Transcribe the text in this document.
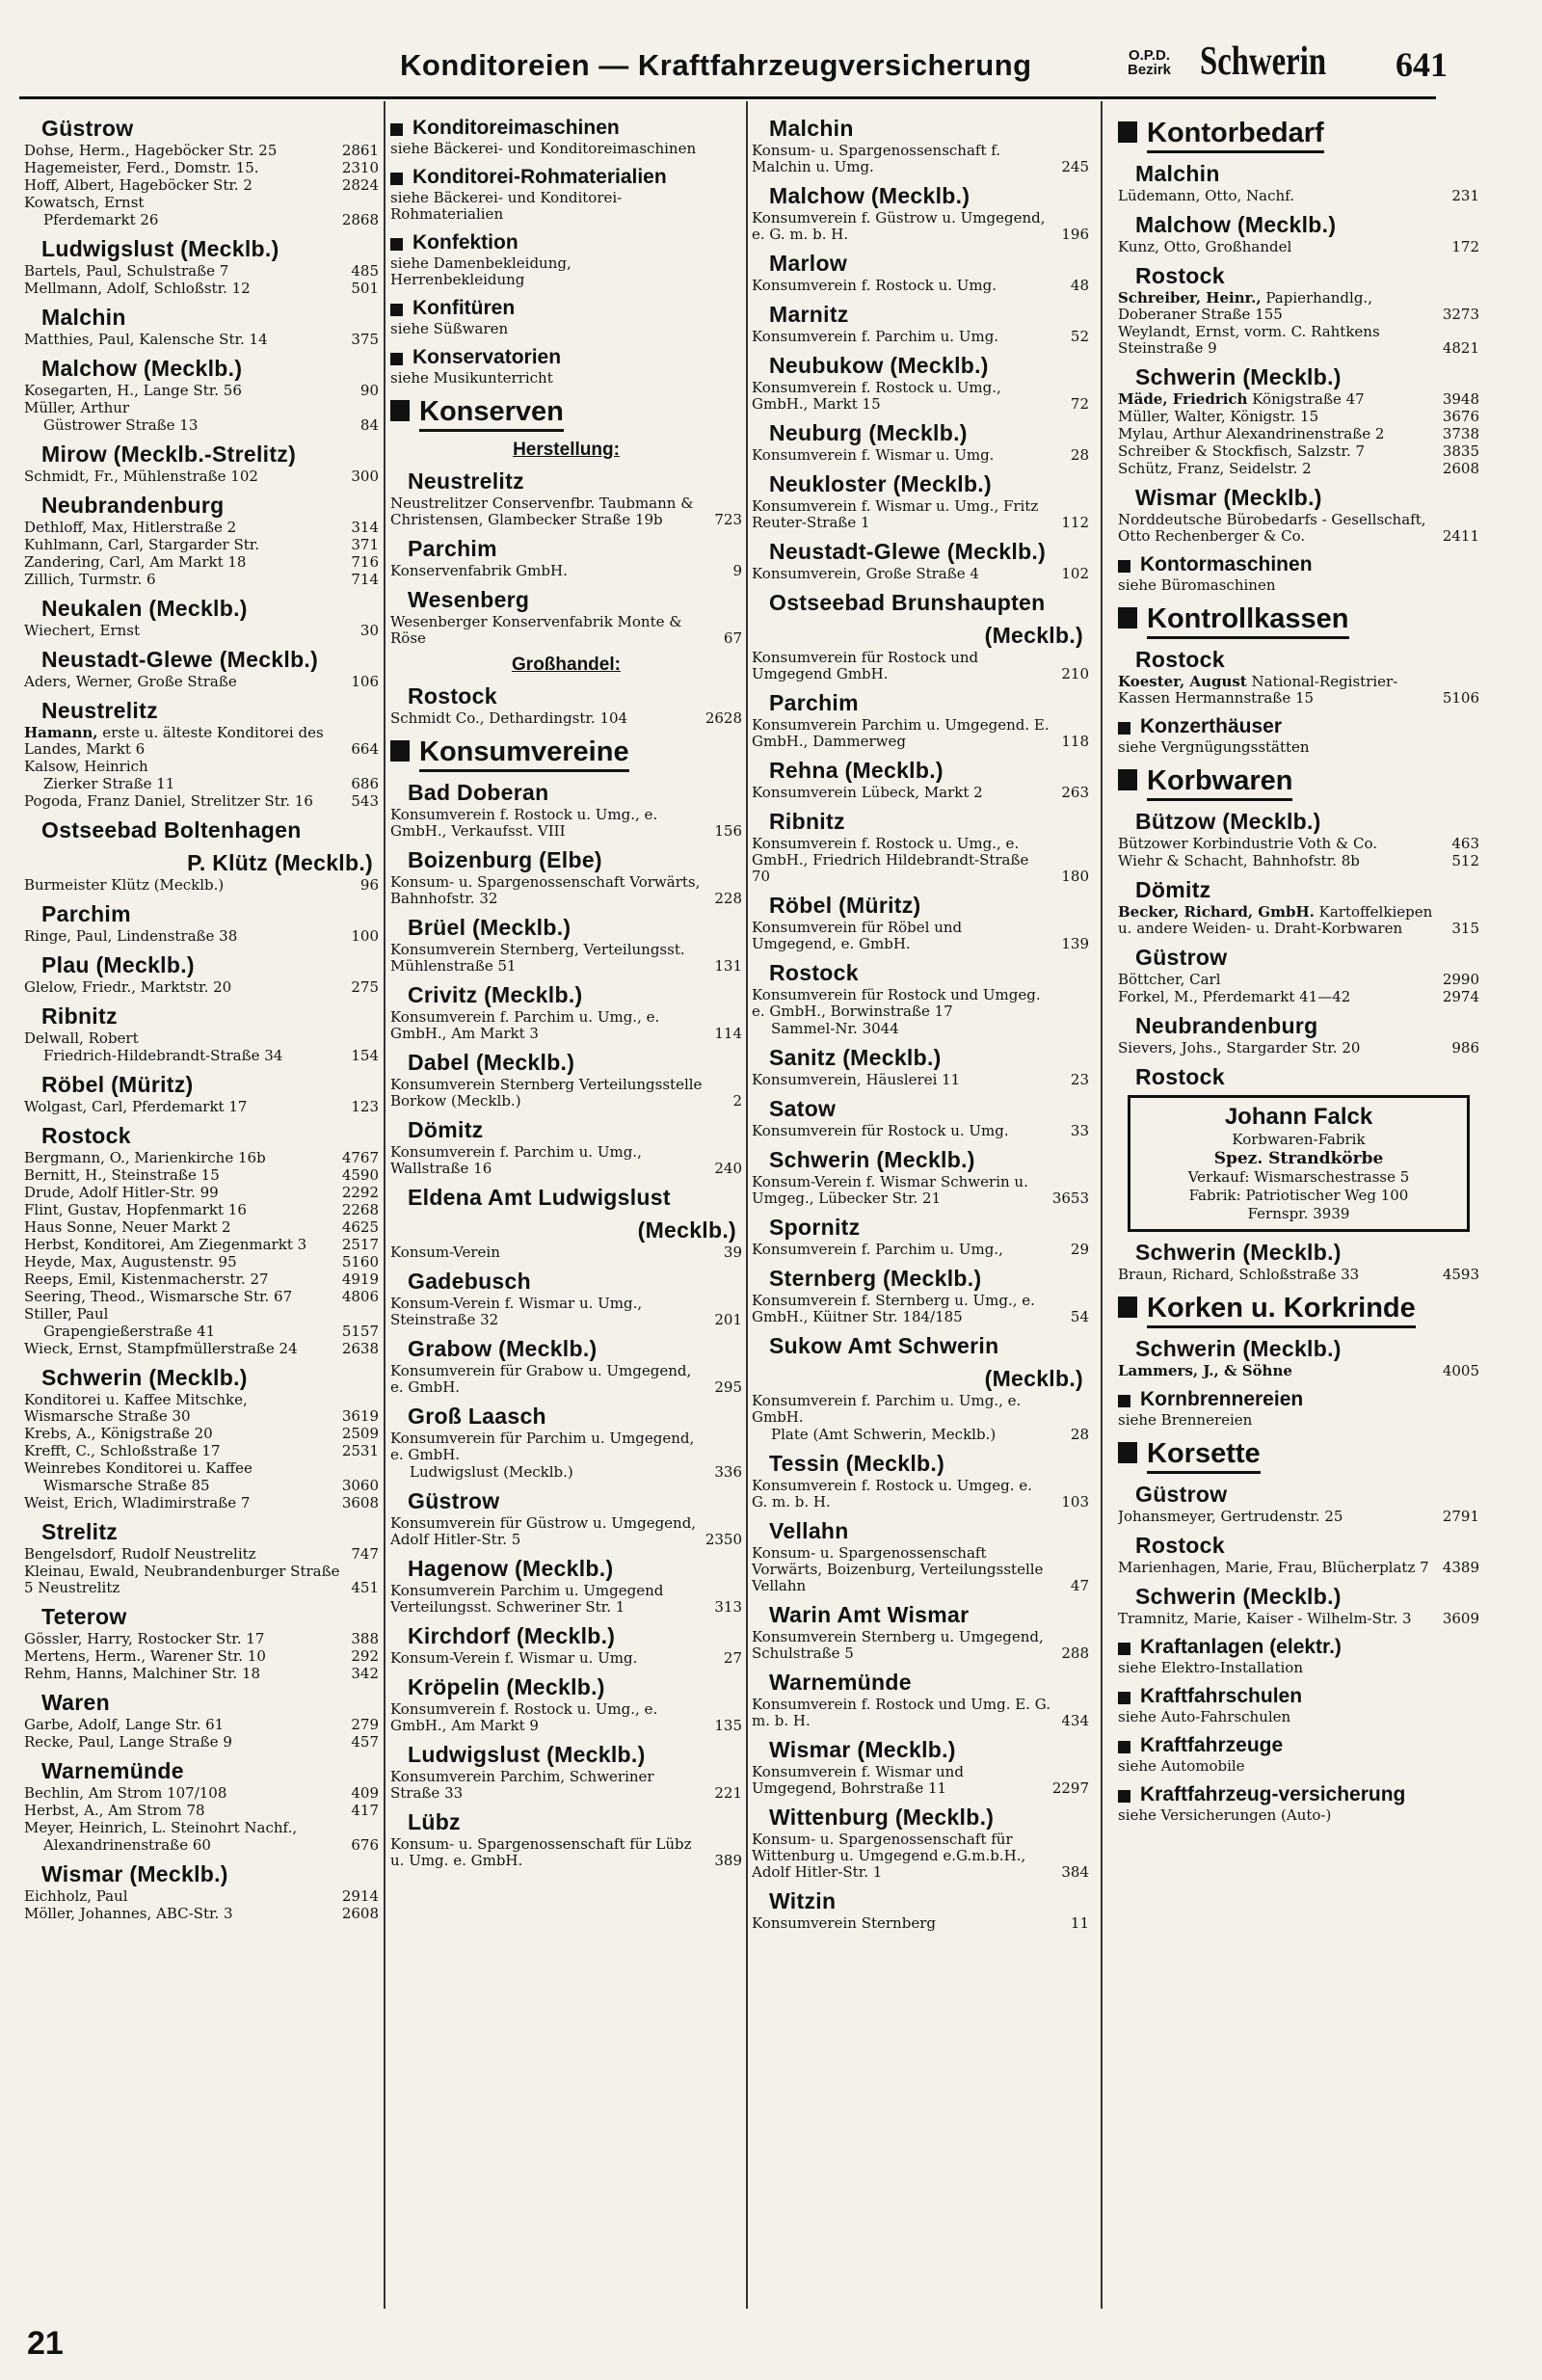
Konditoreien — Kraftfahrzeugversicherung	O.P.D.
Bezirk Schwerin 641
Güstrow
Dohse, Herm., Hageböcker Str. 25	2861
Hagemeister, Ferd., Domstr. 15.	2310
Hoff, Albert, Hageböcker Str. 2	2824
Kowatsch, Ernst
Pferdemarkt 26	2868
Ludwigslust (Mecklb.)
Bartels, Paul, Schulstraße 7	485
Mellmann, Adolf, Schloßstr. 12	501
Malchin
Matthies, Paul, Kalensche Str. 14	375
Malchow (Mecklb.)
Kosegarten, H., Lange Str. 56	90
Müller, Arthur
Güstrower Straße 13	84
Mirow (Mecklb.-Strelitz)
Schmidt, Fr., Mühlenstraße 102	300
Neubrandenburg
Dethloff, Max, Hitlerstraße 2	314
Kuhlmann, Carl, Stargarder Str.	371
Zandering, Carl, Am Markt 18	716
Zillich, Turmstr. 6	714
Neukalen (Mecklb.)
Wiechert, Ernst	30
Neustadt-Glewe (Mecklb.)
Aders, Werner, Große Straße	106
Neustrelitz
Hamann, erste u. älteste Konditorei des Landes, Markt 6	664
Kalsow, Heinrich
Zierker Straße 11	686
Pogoda, Franz Daniel, Strelitzer Str. 16	543
Ostseebad Boltenhagen
P. Klütz (Mecklb.)
Burmeister Klütz (Mecklb.)	96
Parchim
Ringe, Paul, Lindenstraße 38	100
Plau (Mecklb.)
Glelow, Friedr., Marktstr. 20	275
Ribnitz
Delwall, Robert
Friedrich-Hildebrandt-Straße 34	154
Röbel (Müritz)
Wolgast, Carl, Pferdemarkt 17	123
Rostock
Bergmann, O., Marienkirche 16b	4767
Bernitt, H., Steinstraße 15	4590
Drude, Adolf Hitler-Str. 99	2292
Flint, Gustav, Hopfenmarkt 16	2268
Haus Sonne, Neuer Markt 2	4625
Herbst, Konditorei, Am Ziegenmarkt 3	2517
Heyde, Max, Augustenstr. 95	5160
Reeps, Emil, Kistenmacherstr. 27	4919
Seering, Theod., Wismarsche Str. 67	4806
Stiller, Paul
Grapengießerstraße 41	5157
Wieck, Ernst, Stampfmüllerstraße 24	2638
Schwerin (Mecklb.)
Konditorei u. Kaffee Mitschke, Wismarsche Straße 30	3619
Krebs, A., Königstraße 20	2509
Krefft, C., Schloßstraße 17	2531
Weinrebes Konditorei u. Kaffee
Wismarsche Straße 85	3060
Weist, Erich, Wladimirstraße 7	3608
Strelitz
Bengelsdorf, Rudolf Neustrelitz	747
Kleinau, Ewald, Neubrandenburger Straße 5 Neustrelitz	451
Teterow
Gössler, Harry, Rostocker Str. 17	388
Mertens, Herm., Warener Str. 10	292
Rehm, Hanns, Malchiner Str. 18	342
Waren
Garbe, Adolf, Lange Str. 61	279
Recke, Paul, Lange Straße 9	457
Warnemünde
Bechlin, Am Strom 107/108	409
Herbst, A., Am Strom 78	417
Meyer, Heinrich, L. Steinohrt Nachf.,
Alexandrinenstraße 60	676
Wismar (Mecklb.)
Eichholz, Paul	2914
Möller, Johannes, ABC-Str. 3	2608
Konditoreimaschinen
siehe Bäckerei- und Konditoreimaschinen
Konditorei-Rohmaterialien
siehe Bäckerei- und Konditorei-Rohmaterialien
Konfektion
siehe Damenbekleidung, Herrenbekleidung
Konfitüren
siehe Süßwaren
Konservatorien
siehe Musikunterricht
Konserven
Herstellung:
Neustrelitz
Neustrelitzer Conservenfbr. Taubmann & Christensen, Glambecker Straße 19b	723
Parchim
Konservenfabrik GmbH.	9
Wesenberg
Wesenberger Konservenfabrik Monte & Röse	67
Großhandel:
Rostock
Schmidt Co., Dethardingstr. 104	2628
Konsumvereine
Bad Doberan
Konsumverein f. Rostock u. Umg., e. GmbH., Verkaufsst. VIII	156
Boizenburg (Elbe)
Konsum- u. Spargenossenschaft Vorwärts, Bahnhofstr. 32	228
Brüel (Mecklb.)
Konsumverein Sternberg, Verteilungsst. Mühlenstraße 51	131
Crivitz (Mecklb.)
Konsumverein f. Parchim u. Umg., e. GmbH., Am Markt 3	114
Dabel (Mecklb.)
Konsumverein Sternberg Verteilungsstelle Borkow (Mecklb.)	2
Dömitz
Konsumverein f. Parchim u. Umg., Wallstraße 16	240
Eldena Amt Ludwigslust
(Mecklb.)
Konsum-Verein	39
Gadebusch
Konsum-Verein f. Wismar u. Umg., Steinstraße 32	201
Grabow (Mecklb.)
Konsumverein für Grabow u. Umgegend, e. GmbH.	295
Groß Laasch
Konsumverein für Parchim u. Umgegend, e. GmbH.
Ludwigslust (Mecklb.)	336
Güstrow
Konsumverein für Güstrow u. Umgegend, Adolf Hitler-Str. 5	2350
Hagenow (Mecklb.)
Konsumverein Parchim u. Umgegend Verteilungsst. Schweriner Str. 1	313
Kirchdorf (Mecklb.)
Konsum-Verein f. Wismar u. Umg.	27
Kröpelin (Mecklb.)
Konsumverein f. Rostock u. Umg., e. GmbH., Am Markt 9	135
Ludwigslust (Mecklb.)
Konsumverein Parchim, Schweriner Straße 33	221
Lübz
Konsum- u. Spargenossenschaft für Lübz u. Umg. e. GmbH.	389
Malchin
Konsum- u. Spargenossenschaft f. Malchin u. Umg.	245
Malchow (Mecklb.)
Konsumverein f. Güstrow u. Umgegend, e. G. m. b. H.	196
Marlow
Konsumverein f. Rostock u. Umg.	48
Marnitz
Konsumverein f. Parchim u. Umg.	52
Neubukow (Mecklb.)
Konsumverein f. Rostock u. Umg., GmbH., Markt 15	72
Neuburg (Mecklb.)
Konsumverein f. Wismar u. Umg.	28
Neukloster (Mecklb.)
Konsumverein f. Wismar u. Umg., Fritz Reuter-Straße 1	112
Neustadt-Glewe (Mecklb.)
Konsumverein, Große Straße 4	102
Ostseebad Brunshaupten
(Mecklb.)
Konsumverein für Rostock und Umgegend GmbH.	210
Parchim
Konsumverein Parchim u. Umgegend. E. GmbH., Dammerweg	118
Rehna (Mecklb.)
Konsumverein Lübeck, Markt 2	263
Ribnitz
Konsumverein f. Rostock u. Umg., e. GmbH., Friedrich Hildebrandt-Straße 70	180
Röbel (Müritz)
Konsumverein für Röbel und Umgegend, e. GmbH.	139
Rostock
Konsumverein für Rostock und Umgeg. e. GmbH., Borwinstraße 17
Sammel-Nr. 3044
Sanitz (Mecklb.)
Konsumverein, Häuslerei 11	23
Satow
Konsumverein für Rostock u. Umg.	33
Schwerin (Mecklb.)
Konsum-Verein f. Wismar Schwerin u. Umgeg., Lübecker Str. 21	3653
Spornitz
Konsumverein f. Parchim u. Umg.,	29
Sternberg (Mecklb.)
Konsumverein f. Sternberg u. Umg., e. GmbH., Küitner Str. 184/185	54
Sukow Amt Schwerin
(Mecklb.)
Konsumverein f. Parchim u. Umg., e. GmbH.
Plate (Amt Schwerin, Mecklb.)	28
Tessin (Mecklb.)
Konsumverein f. Rostock u. Umgeg. e. G. m. b. H.	103
Vellahn
Konsum- u. Spargenossenschaft Vorwärts, Boizenburg, Verteilungsstelle Vellahn	47
Warin Amt Wismar
Konsumverein Sternberg u. Umgegend, Schulstraße 5	288
Warnemünde
Konsumverein f. Rostock und Umg. E. G. m. b. H.	434
Wismar (Mecklb.)
Konsumverein f. Wismar und Umgegend, Bohrstraße 11	2297
Wittenburg (Mecklb.)
Konsum- u. Spargenossenschaft für Wittenburg u. Umgegend e.G.m.b.H., Adolf Hitler-Str. 1	384
Witzin
Konsumverein Sternberg	11
Kontorbedarf
Malchin
Lüdemann, Otto, Nachf.	231
Malchow (Mecklb.)
Kunz, Otto, Großhandel	172
Rostock
Schreiber, Heinr., Papierhandlg., Doberaner Straße 155	3273
Weylandt, Ernst, vorm. C. Rahtkens Steinstraße 9	4821
Schwerin (Mecklb.)
Mäde, Friedrich Königstraße 47	3948
Müller, Walter, Königstr. 15	3676
Mylau, Arthur Alexandrinenstraße 2	3738
Schreiber & Stockfisch, Salzstr. 7	3835
Schütz, Franz, Seidelstr. 2	2608
Wismar (Mecklb.)
Norddeutsche Bürobedarfs - Gesellschaft, Otto Rechenberger & Co.	2411
Kontormaschinen
siehe Büromaschinen
Kontrollkassen
Rostock
Koester, August National-Registrier-Kassen Hermannstraße 15	5106
Konzerthäuser
siehe Vergnügungsstätten
Korbwaren
Bützow (Mecklb.)
Bützower Korbindustrie Voth & Co.	463
Wiehr & Schacht, Bahnhofstr. 8b	512
Dömitz
Becker, Richard, GmbH. Kartoffelkiepen u. andere Weiden- u. Draht-Korbwaren	315
Güstrow
Böttcher, Carl	2990
Forkel, M., Pferdemarkt 41—42	2974
Neubrandenburg
Sievers, Johs., Stargarder Str. 20	986
Rostock
Johann Falck
Korbwaren-Fabrik
Spez. Strandkörbe
Verkauf: Wismarschestrasse 5
Fabrik: Patriotischer Weg 100
Fernspr. 3939
Schwerin (Mecklb.)
Braun, Richard, Schloßstraße 33	4593
Korken u. Korkrinde
Schwerin (Mecklb.)
Lammers, J., & Söhne	4005
Kornbrennereien
siehe Brennereien
Korsette
Güstrow
Johansmeyer, Gertrudenstr. 25	2791
Rostock
Marienhagen, Marie, Frau, Blücherplatz 7 4389
Schwerin (Mecklb.)
Tramnitz, Marie, Kaiser - Wilhelm-Str. 3	3609
Kraftanlagen (elektr.)
siehe Elektro-Installation
Kraftfahrschulen
siehe Auto-Fahrschulen
Kraftfahrzeuge
siehe Automobile
Kraftfahrzeug-versicherung
siehe Versicherungen (Auto-)
21
